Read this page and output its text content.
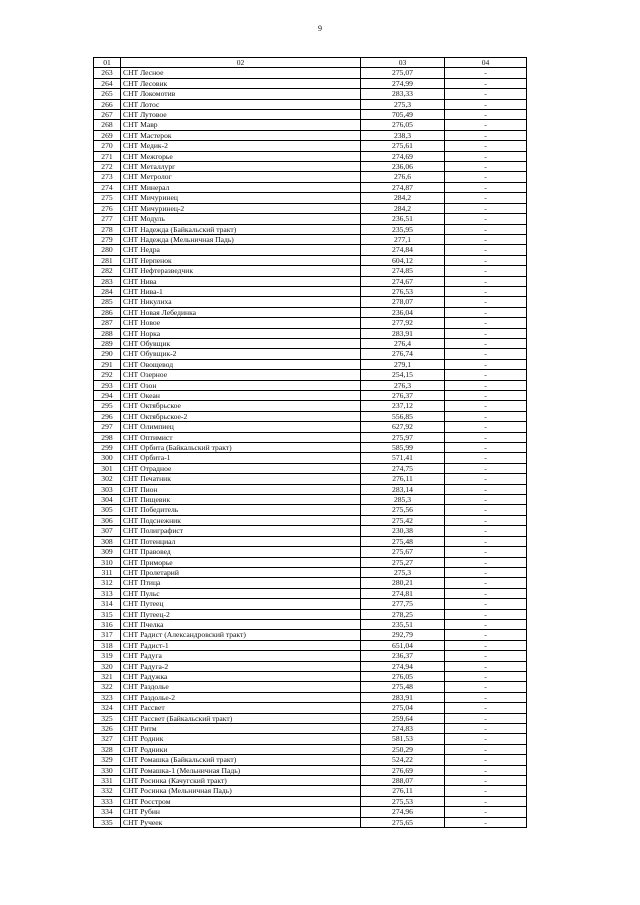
9
01	02	03	04
263	СНТ Лесное	275,07	-
264	СНТ Лесовик	274,99	-
265	СНТ Локомотив	283,33	-
266	СНТ Лотос	275,3	-
267	СНТ Лутовое	705,49	-
268	СНТ Мавр	276,05	-
269	СНТ Мастерок	238,3	-
270	СНТ Медик-2	275,61	-
271	СНТ Межгорье	274,69	-
272	СНТ Металлург	236,06	-
273	СНТ Метролог	276,6	-
274	СНТ Минерал	274,87	-
275	СНТ Мичуринец	284,2	-
276	СНТ Мичуринец-2	284,2	-
277	СНТ Модуль	236,51	-
278	СНТ Надежда (Байкальский тракт)	235,95	-
279	СНТ Надежда (Мельничная Падь)	277,1	-
280	СНТ Недра	274,84	-
281	СНТ Нерпенок	604,12	-
282	СНТ Нефтеразведчик	274,85	-
283	СНТ Нива	274,67	-
284	СНТ Нива-1	276,53	-
285	СНТ Никулиха	278,07	-
286	СНТ Новая Лебединка	236,04	-
287	СНТ Новое	277,92	-
288	СНТ Норка	283,91	-
289	СНТ Обувщик	276,4	-
290	СНТ Обувщик-2	276,74	-
291	СНТ Овощевод	279,1	-
292	СНТ Озерное	254,15	-
293	СНТ Озон	276,3	-
294	СНТ Океан	276,37	-
295	СНТ Октябрьское	237,12	-
296	СНТ Октябрьское-2	556,85	-
297	СНТ Олимпиец	627,92	-
298	СНТ Оптимист	275,97	-
299	СНТ Орбита (Байкальский тракт)	585,99	-
300	СНТ Орбита-1	571,41	-
301	СНТ Отрадное	274,75	-
302	СНТ Печатник	276,11	-
303	СНТ Пион	283,14	-
304	СНТ Пищевик	285,3	-
305	СНТ Победитель	275,56	-
306	СНТ Подснежник	275,42	-
307	СНТ Полиграфист	230,38	-
308	СНТ Потенциал	275,48	-
309	СНТ Правовед	275,67	-
310	СНТ Приморье	275,27	-
311	СНТ Пролетарий	275,3	-
312	СНТ Птица	280,21	-
313	СНТ Пульс	274,81	-
314	СНТ Путеец	277,75	-
315	СНТ Путеец-2	278,25	-
316	СНТ Пчелка	235,51	-
317	СНТ Радист (Александровский тракт)	292,79	-
318	СНТ Радист-1	651,04	-
319	СНТ Радуга	236,37	-
320	СНТ Радуга-2	274,94	-
321	СНТ Радужка	276,05	-
322	СНТ Раздолье	275,48	-
323	СНТ Раздолье-2	283,91	-
324	СНТ Рассвет	275,04	-
325	СНТ Рассвет (Байкальский тракт)	259,64	-
326	СНТ Ритм	274,83	-
327	СНТ Родник	581,53	-
328	СНТ Родники	250,29	-
329	СНТ Ромашка (Байкальский тракт)	524,22	-
330	СНТ Ромашка-1 (Мельничная Падь)	276,69	-
331	СНТ Росинка (Качугский тракт)	288,07	-
332	СНТ Росинка (Мельничная Падь)	276,11	-
333	СНТ Росстром	275,53	-
334	СНТ Рубин	274,96	-
335	СНТ Ручеек	275,65	-
